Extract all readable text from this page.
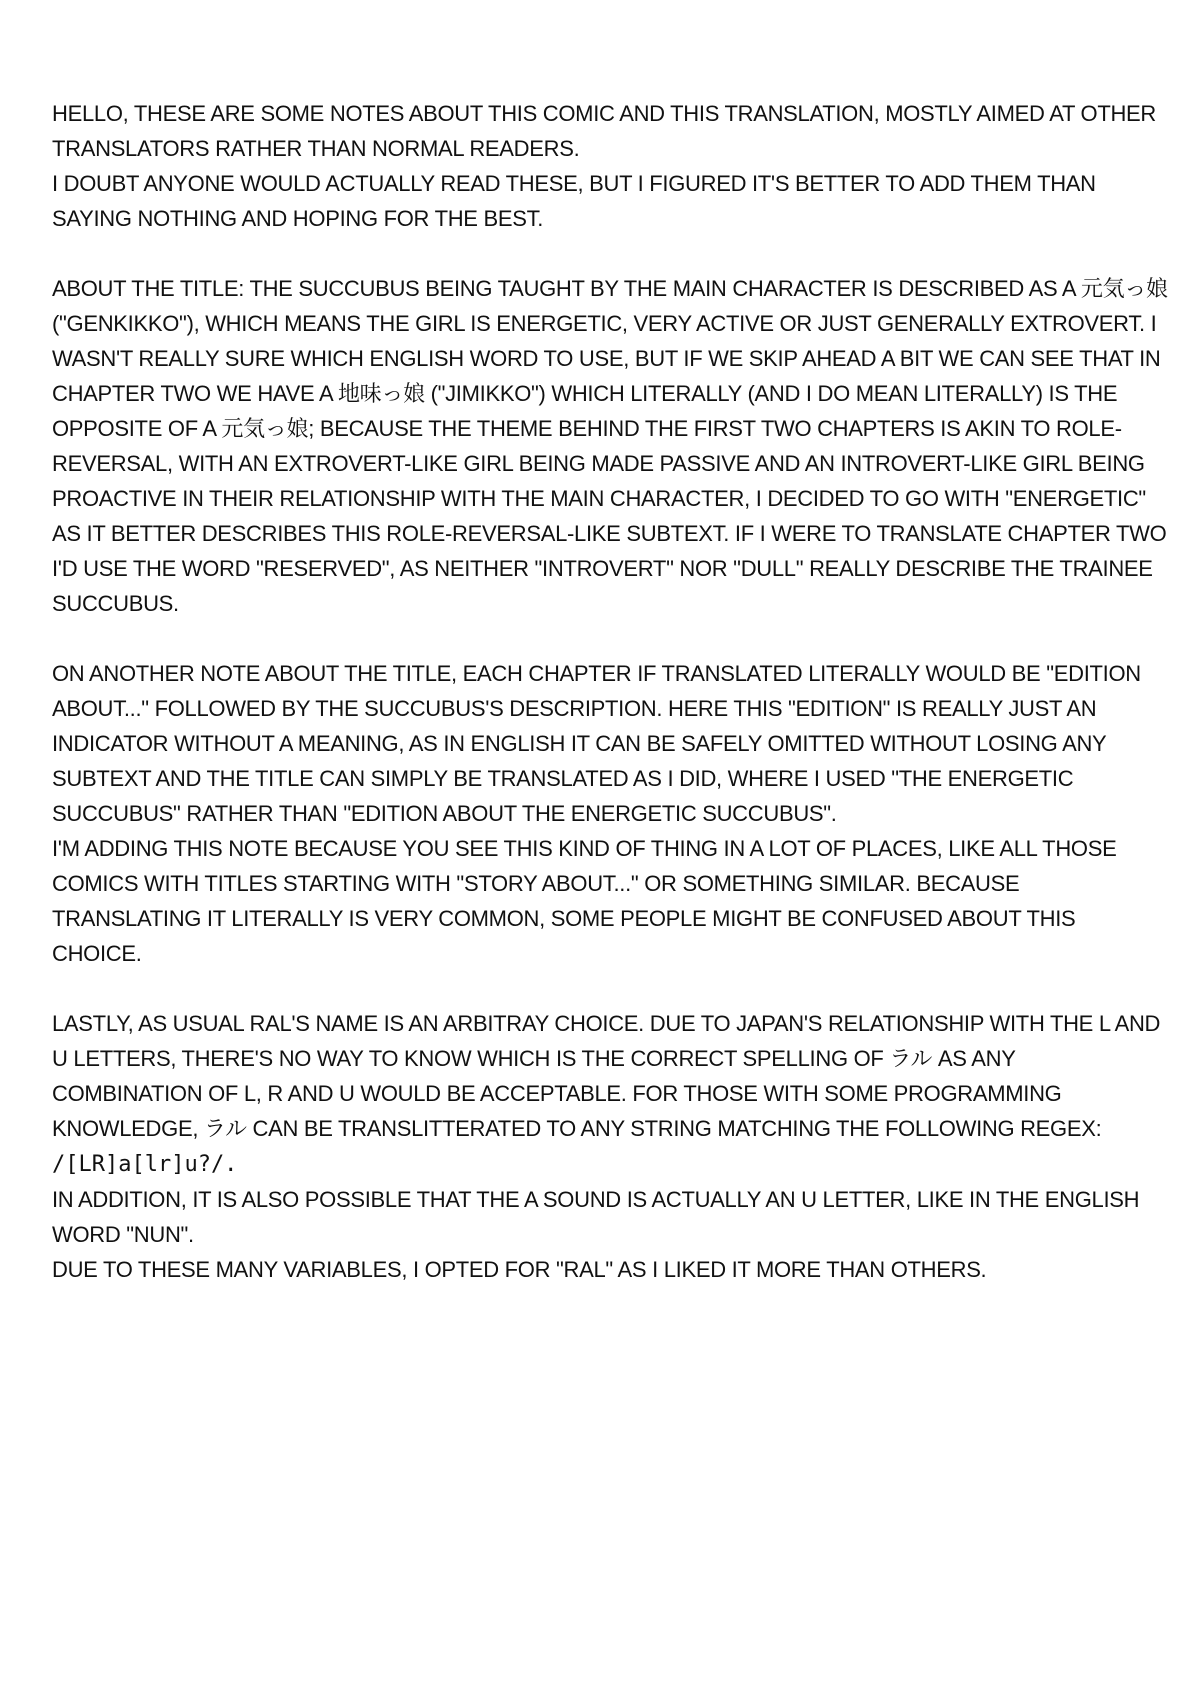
HELLO, THESE ARE SOME NOTES ABOUT THIS COMIC AND THIS TRANSLATION, MOSTLY AIMED AT OTHER TRANSLATORS RATHER THAN NORMAL READERS.

I DOUBT ANYONE WOULD ACTUALLY READ THESE, BUT I FIGURED IT'S BETTER TO ADD THEM THAN SAYING NOTHING AND HOPING FOR THE BEST.

ABOUT THE TITLE: THE SUCCUBUS BEING TAUGHT BY THE MAIN CHARACTER IS DESCRIBED AS A 元気っ娘 ("GENKIKKO"), WHICH MEANS THE GIRL IS ENERGETIC, VERY ACTIVE OR JUST GENERALLY EXTROVERT. I WASN'T REALLY SURE WHICH ENGLISH WORD TO USE, BUT IF WE SKIP AHEAD A BIT WE CAN SEE THAT IN CHAPTER TWO WE HAVE A 地味っ娘 ("JIMIKKO") WHICH LITERALLY (AND I DO MEAN LITERALLY) IS THE OPPOSITE OF A 元気っ娘; BECAUSE THE THEME BEHIND THE FIRST TWO CHAPTERS IS AKIN TO ROLE-REVERSAL, WITH AN EXTROVERT-LIKE GIRL BEING MADE PASSIVE AND AN INTROVERT-LIKE GIRL BEING PROACTIVE IN THEIR RELATIONSHIP WITH THE MAIN CHARACTER, I DECIDED TO GO WITH "ENERGETIC" AS IT BETTER DESCRIBES THIS ROLE-REVERSAL-LIKE SUBTEXT. IF I WERE TO TRANSLATE CHAPTER TWO I'D USE THE WORD "RESERVED", AS NEITHER "INTROVERT" NOR "DULL" REALLY DESCRIBE THE TRAINEE SUCCUBUS.

ON ANOTHER NOTE ABOUT THE TITLE, EACH CHAPTER IF TRANSLATED LITERALLY WOULD BE "EDITION ABOUT..." FOLLOWED BY THE SUCCUBUS'S DESCRIPTION. HERE THIS "EDITION" IS REALLY JUST AN INDICATOR WITHOUT A MEANING, AS IN ENGLISH IT CAN BE SAFELY OMITTED WITHOUT LOSING ANY SUBTEXT AND THE TITLE CAN SIMPLY BE TRANSLATED AS I DID, WHERE I USED "THE ENERGETIC SUCCUBUS" RATHER THAN "EDITION ABOUT THE ENERGETIC SUCCUBUS".

I'M ADDING THIS NOTE BECAUSE YOU SEE THIS KIND OF THING IN A LOT OF PLACES, LIKE ALL THOSE COMICS WITH TITLES STARTING WITH "STORY ABOUT..." OR SOMETHING SIMILAR. BECAUSE TRANSLATING IT LITERALLY IS VERY COMMON, SOME PEOPLE MIGHT BE CONFUSED ABOUT THIS CHOICE.

LASTLY, AS USUAL RAL'S NAME IS AN ARBITRAY CHOICE. DUE TO JAPAN'S RELATIONSHIP WITH THE L AND U LETTERS, THERE'S NO WAY TO KNOW WHICH IS THE CORRECT SPELLING OF ラル AS ANY COMBINATION OF L, R AND U WOULD BE ACCEPTABLE. FOR THOSE WITH SOME PROGRAMMING KNOWLEDGE, ラル CAN BE TRANSLITTERATED TO ANY STRING MATCHING THE FOLLOWING REGEX: /[LR]a[lr]u?/.

IN ADDITION, IT IS ALSO POSSIBLE THAT THE A SOUND IS ACTUALLY AN U LETTER, LIKE IN THE ENGLISH WORD "NUN".

DUE TO THESE MANY VARIABLES, I OPTED FOR "RAL" AS I LIKED IT MORE THAN OTHERS.
